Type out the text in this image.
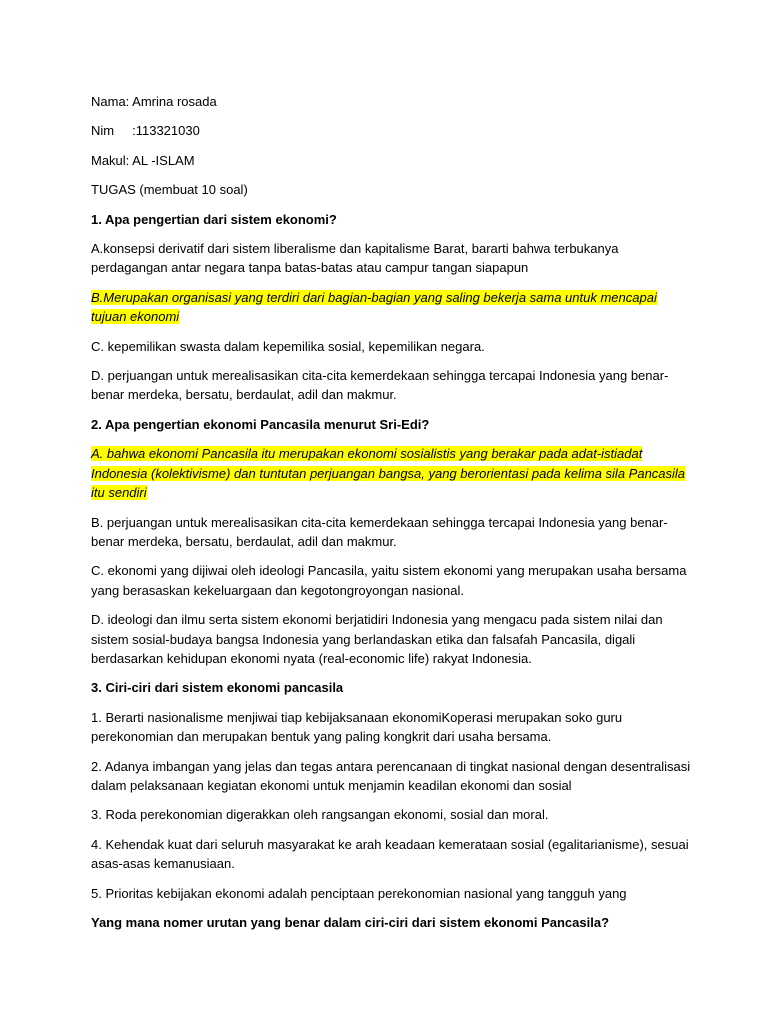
Nama: Amrina rosada

Nim :113321030

Makul: AL -ISLAM

TUGAS (membuat 10 soal)

1. Apa pengertian dari sistem ekonomi?

A.konsepsi derivatif dari sistem liberalisme dan kapitalisme Barat, bararti bahwa terbukanya perdagangan antar negara tanpa batas-batas atau campur tangan siapapun

B.Merupakan organisasi yang terdiri dari bagian-bagian yang saling bekerja sama untuk mencapai tujuan ekonomi

C. kepemilikan swasta dalam kepemilika sosial, kepemilikan negara.

D. perjuangan untuk merealisasikan cita-cita kemerdekaan sehingga tercapai Indonesia yang benar-benar merdeka, bersatu, berdaulat, adil dan makmur.

2. Apa pengertian ekonomi Pancasila menurut Sri-Edi?

A. bahwa ekonomi Pancasila itu merupakan ekonomi sosialistis yang berakar pada adat-istiadat Indonesia (kolektivisme) dan tuntutan perjuangan bangsa, yang berorientasi pada kelima sila Pancasila itu sendiri

B. perjuangan untuk merealisasikan cita-cita kemerdekaan sehingga tercapai Indonesia yang benar-benar merdeka, bersatu, berdaulat, adil dan makmur.

C. ekonomi yang dijiwai oleh ideologi Pancasila, yaitu sistem ekonomi yang merupakan usaha bersama yang berasaskan kekeluargaan dan kegotongroyongan nasional.

D. ideologi dan ilmu serta sistem ekonomi berjatidiri Indonesia yang mengacu pada sistem nilai dan sistem sosial-budaya bangsa Indonesia yang berlandaskan etika dan falsafah Pancasila, digali berdasarkan kehidupan ekonomi nyata (real-economic life) rakyat Indonesia.

3. Ciri-ciri dari sistem ekonomi pancasila

1. Berarti nasionalisme menjiwai tiap kebijaksanaan ekonomiKoperasi merupakan soko guru perekonomian dan merupakan bentuk yang paling kongkrit dari usaha bersama.

2. Adanya imbangan yang jelas dan tegas antara perencanaan di tingkat nasional dengan desentralisasi dalam pelaksanaan kegiatan ekonomi untuk menjamin keadilan ekonomi dan sosial

3. Roda perekonomian digerakkan oleh rangsangan ekonomi, sosial dan moral.

4. Kehendak kuat dari seluruh masyarakat ke arah keadaan kemerataan sosial (egalitarianisme), sesuai asas-asas kemanusiaan.

5. Prioritas kebijakan ekonomi adalah penciptaan perekonomian nasional yang tangguh yang

Yang mana nomer urutan yang benar dalam ciri-ciri dari sistem ekonomi Pancasila?
